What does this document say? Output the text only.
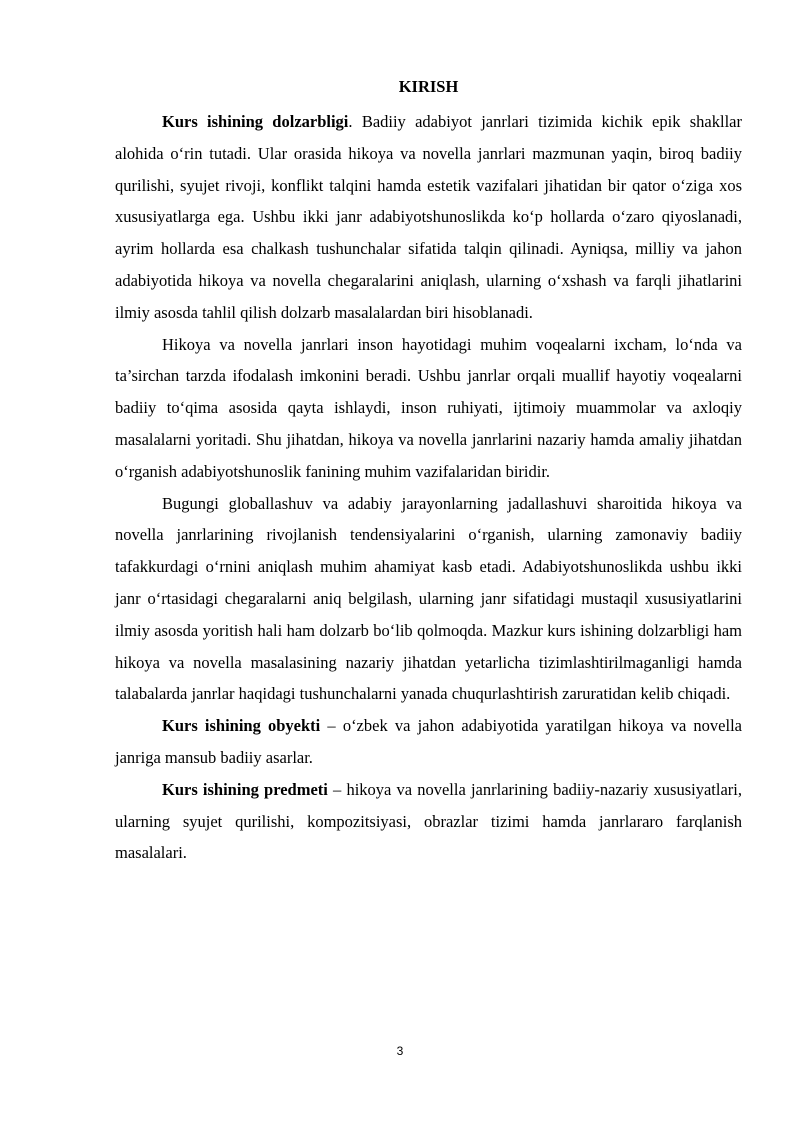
KIRISH

Kurs ishining dolzarbligi. Badiiy adabiyot janrlari tizimida kichik epik shakllar alohida o‘rin tutadi. Ular orasida hikoya va novella janrlari mazmunan yaqin, biroq badiiy qurilishi, syujet rivoji, konflikt talqini hamda estetik vazifalari jihatidan bir qator o‘ziga xos xususiyatlarga ega. Ushbu ikki janr adabiyotshunoslikda ko‘p hollarda o‘zaro qiyoslanadi, ayrim hollarda esa chalkash tushunchalar sifatida talqin qilinadi. Ayniqsa, milliy va jahon adabiyotida hikoya va novella chegaralarini aniqlash, ularning o‘xshash va farqli jihatlarini ilmiy asosda tahlil qilish dolzarb masalalardan biri hisoblanadi.

Hikoya va novella janrlari inson hayotidagi muhim voqealarni ixcham, lo‘nda va ta’sirchan tarzda ifodalash imkonini beradi. Ushbu janrlar orqali muallif hayotiy voqealarni badiiy to‘qima asosida qayta ishlaydi, inson ruhiyati, ijtimoiy muammolar va axloqiy masalalarni yoritadi. Shu jihatdan, hikoya va novella janrlarini nazariy hamda amaliy jihatdan o‘rganish adabiyotshunoslik fanining muhim vazifalaridan biridir.

Bugungi globallashuv va adabiy jarayonlarning jadallashuvi sharoitida hikoya va novella janrlarining rivojlanish tendensiyalarini o‘rganish, ularning zamonaviy badiiy tafakkurdagi o‘rnini aniqlash muhim ahamiyat kasb etadi. Adabiyotshunoslikda ushbu ikki janr o‘rtasidagi chegaralarni aniq belgilash, ularning janr sifatidagi mustaqil xususiyatlarini ilmiy asosda yoritish hali ham dolzarb bo‘lib qolmoqda. Mazkur kurs ishining dolzarbligi ham hikoya va novella masalasining nazariy jihatdan yetarlicha tizimlashtirilmaganligi hamda talabalarda janrlar haqidagi tushunchalarni yanada chuqurlashtirish zaruratidan kelib chiqadi.

Kurs ishining obyekti – o‘zbek va jahon adabiyotida yaratilgan hikoya va novella janriga mansub badiiy asarlar.

Kurs ishining predmeti – hikoya va novella janrlarining badiiy-nazariy xususiyatlari, ularning syujet qurilishi, kompozitsiyasi, obrazlar tizimi hamda janrlararo farqlanish masalalari.

3
